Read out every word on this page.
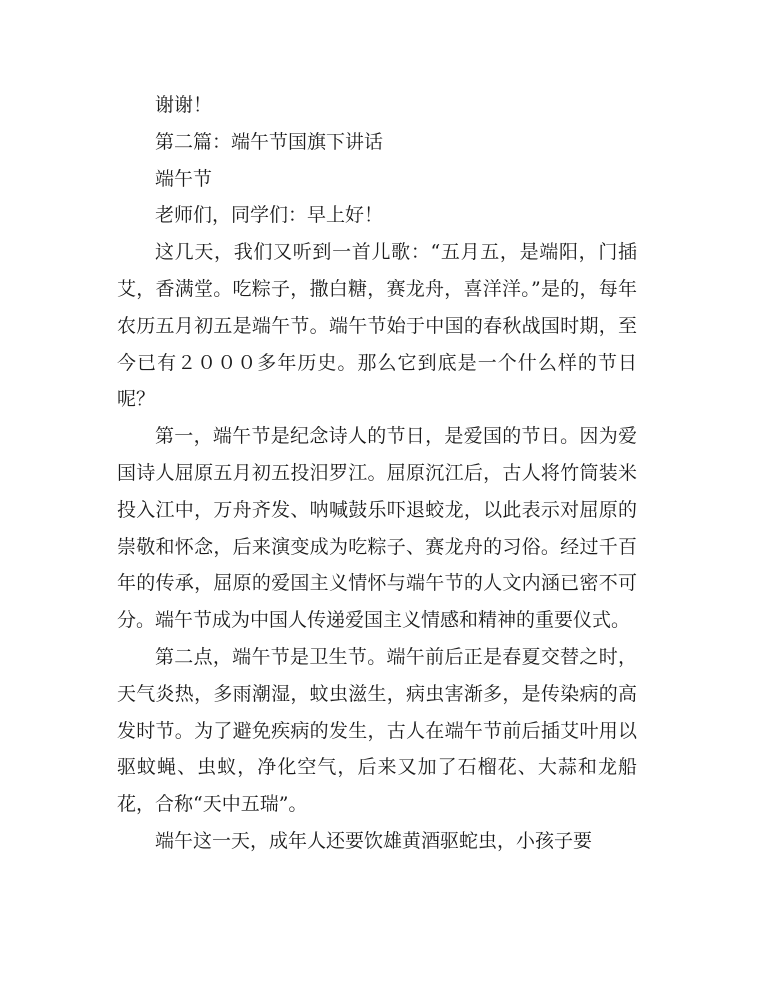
谢谢！

第二篇：端午节国旗下讲话

端午节

老师们，同学们：早上好！

这几天，我们又听到一首儿歌：“五月五，是端阳，门插艾，香满堂。吃粽子，撒白糖，赛龙舟，喜洋洋。”是的，每年农历五月初五是端午节。端午节始于中国的春秋战国时期，至今已有２０００多年历史。那么它到底是一个什么样的节日呢？

第一，端午节是纪念诗人的节日，是爱国的节日。因为爱国诗人屈原五月初五投汨罗江。屈原沉江后，古人将竹筒装米投入江中，万舟齐发、呐喊鼓乐吓退蛟龙，以此表示对屈原的崇敬和怀念，后来演变成为吃粽子、赛龙舟的习俗。经过千百年的传承，屈原的爱国主义情怀与端午节的人文内涵已密不可分。端午节成为中国人传递爱国主义情感和精神的重要仪式。

第二点，端午节是卫生节。端午前后正是春夏交替之时，天气炎热，多雨潮湿，蚊虫滋生，病虫害渐多，是传染病的高发时节。为了避免疾病的发生，古人在端午节前后插艾叶用以驱蚊蝇、虫蚁，净化空气，后来又加了石榴花、大蒜和龙船花，合称“天中五瑞”。

端午这一天，成年人还要饮雄黄酒驱蛇虫，小孩子要
